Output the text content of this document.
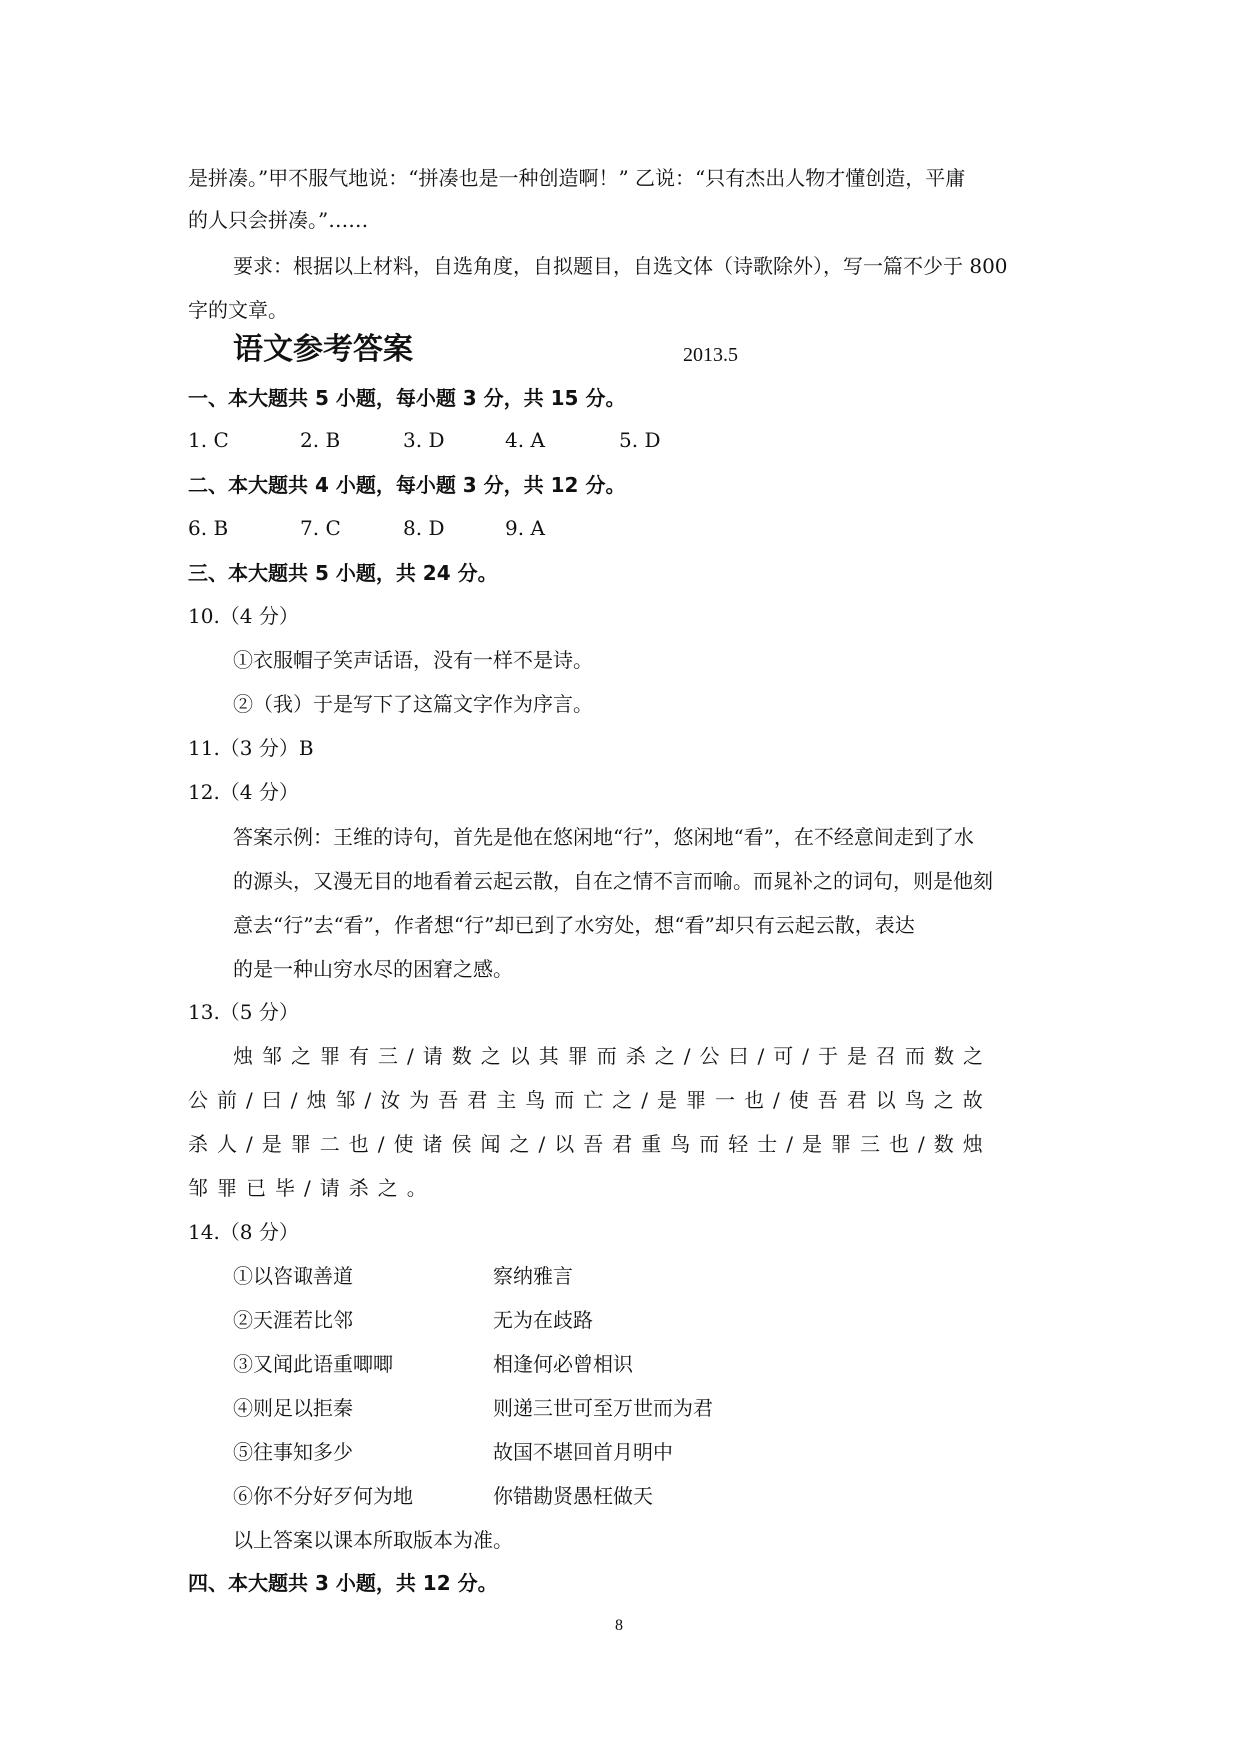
是拼凑。”甲不服气地说：“拼凑也是一种创造啊！” 乙说：“只有杰出人物才懂创造，平庸
的人只会拼凑。”……
要求：根据以上材料，自选角度，自拟题目，自选文体（诗歌除外），写一篇不少于 800
字的文章。
语文参考答案	2013.5
一、本大题共 5 小题，每小题 3 分，共 15 分。
1. C	2. B	3. D	4. A	5. D
二、本大题共 4 小题，每小题 3 分，共 12 分。
6. B	7. C	8. D	9. A
三、本大题共 5 小题，共 24 分。
10.（4 分）
①衣服帽子笑声话语，没有一样不是诗。
②（我）于是写下了这篇文字作为序言。
11.（3 分）B
12.（4 分）
答案示例：王维的诗句，首先是他在悠闲地“行”，悠闲地“看”，在不经意间走到了水
的源头，又漫无目的地看着云起云散，自在之情不言而喻。而晁补之的词句，则是他刻
意去“行”去“看”，作者想“行”却已到了水穷处，想“看”却只有云起云散，表达
的是一种山穷水尽的困窘之感。
13.（5 分）
烛邹之罪有三/请数之以其罪而杀之/公曰/可/于是召而数之
公前/曰/烛邹/汝为吾君主鸟而亡之/是罪一也/使吾君以鸟之故
杀人/是罪二也/使诸侯闻之/以吾君重鸟而轻士/是罪三也/数烛
邹罪已毕/请杀之。
14.（8 分）
①以咨诹善道	察纳雅言
②天涯若比邻	无为在歧路
③又闻此语重唧唧	相逢何必曾相识
④则足以拒秦	则递三世可至万世而为君
⑤往事知多少	故国不堪回首月明中
⑥你不分好歹何为地	你错勘贤愚枉做天
以上答案以课本所取版本为准。
四、本大题共 3 小题，共 12 分。
8
